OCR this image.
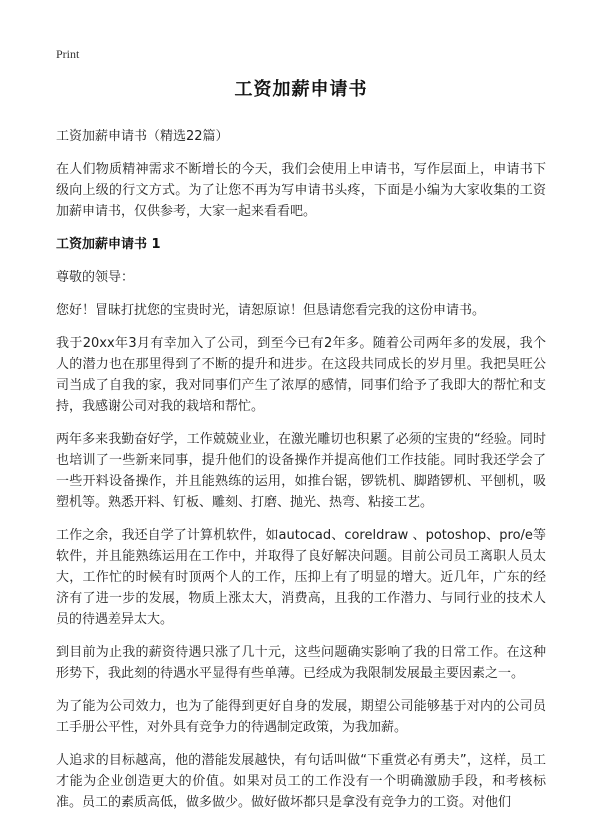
Print
工资加薪申请书

工资加薪申请书（精选22篇）

在人们物质精神需求不断增长的今天，我们会使用上申请书，写作层面上，申请书下级向上级的行文方式。为了让您不再为写申请书头疼，下面是小编为大家收集的工资加薪申请书，仅供参考，大家一起来看看吧。

工资加薪申请书 1

尊敬的领导：

您好！冒昧打扰您的宝贵时光，请恕原谅！但恳请您看完我的这份申请书。

我于20xx年3月有幸加入了公司，到至今已有2年多。随着公司两年多的发展，我个人的潜力也在那里得到了不断的提升和进步。在这段共同成长的岁月里。我把昊旺公司当成了自我的家，我对同事们产生了浓厚的感情，同事们给予了我即大的帮忙和支持，我感谢公司对我的栽培和帮忙。

两年多来我勤奋好学，工作兢兢业业，在激光雕切也积累了必须的宝贵的“经验。同时也培训了一些新来同事，提升他们的设备操作并提高他们工作技能。同时我还学会了一些开料设备操作，并且能熟练的运用，如推台锯，锣铣机、脚踏锣机、平刨机，吸塑机等。熟悉开料、钉板、雕刻、打磨、抛光、热弯、粘接工艺。

工作之余，我还自学了计算机软件，如autocad、coreldraw 、potoshop、pro/e等软件，并且能熟练运用在工作中，并取得了良好解决问题。目前公司员工离职人员太大，工作忙的时候有时顶两个人的工作，压抑上有了明显的增大。近几年，广东的经济有了进一步的发展，物质上涨太大，消费高，且我的工作潜力、与同行业的技术人员的待遇差异太大。

到目前为止我的薪资待遇只涨了几十元，这些问题确实影响了我的日常工作。在这种形势下，我此刻的待遇水平显得有些单薄。已经成为我限制发展最主要因素之一。

为了能为公司效力，也为了能得到更好自身的发展，期望公司能够基于对内的公司员工手册公平性，对外具有竞争力的待遇制定政策，为我加薪。

人追求的目标越高，他的潜能发展越快，有句话叫做“下重赏必有勇夫”，这样，员工才能为企业创造更大的价值。如果对员工的工作没有一个明确激励手段，和考核标准。员工的素质高低，做多做少。做好做坏都只是拿没有竞争力的工资。对他们
